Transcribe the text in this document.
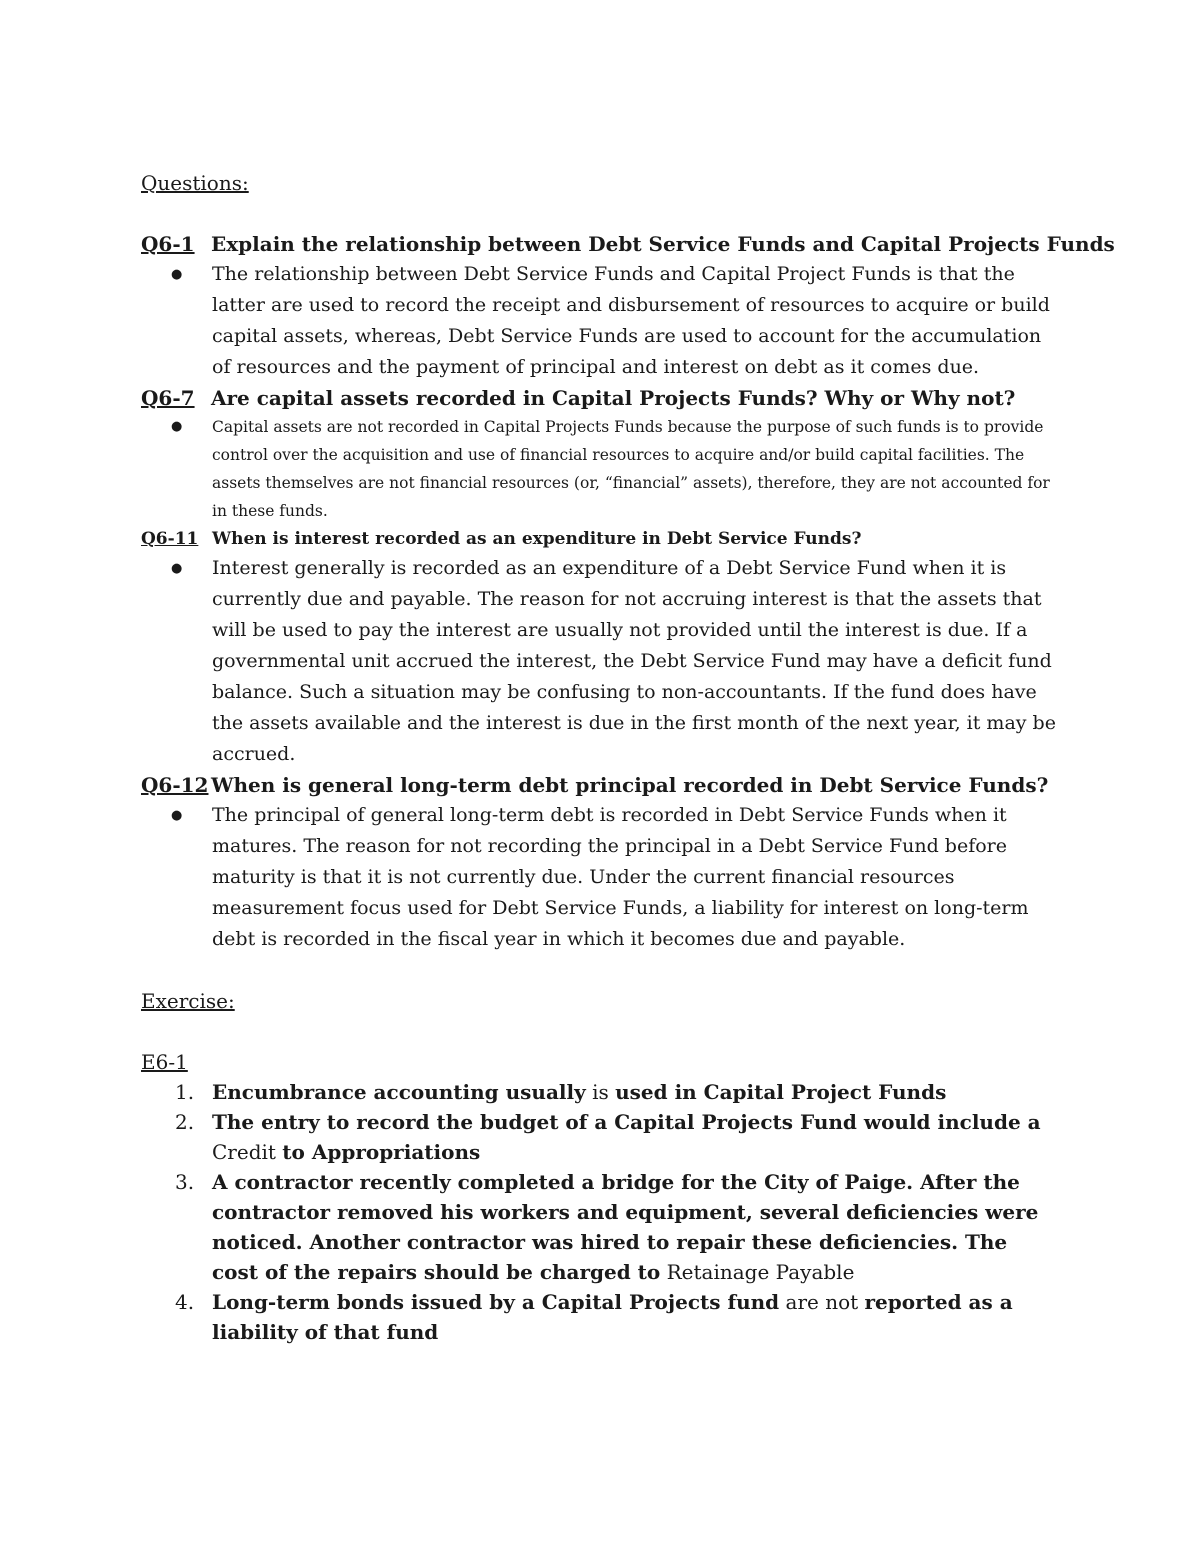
Questions:

Q6-1 Explain the relationship between Debt Service Funds and Capital Projects Funds

● The relationship between Debt Service Funds and Capital Project Funds is that the latter are used to record the receipt and disbursement of resources to acquire or build capital assets, whereas, Debt Service Funds are used to account for the accumulation of resources and the payment of principal and interest on debt as it comes due.

Q6-7 Are capital assets recorded in Capital Projects Funds? Why or Why not?

● Capital assets are not recorded in Capital Projects Funds because the purpose of such funds is to provide control over the acquisition and use of financial resources to acquire and/or build capital facilities. The assets themselves are not financial resources (or, “financial” assets), therefore, they are not accounted for in these funds.

Q6-11 When is interest recorded as an expenditure in Debt Service Funds?

● Interest generally is recorded as an expenditure of a Debt Service Fund when it is currently due and payable. The reason for not accruing interest is that the assets that will be used to pay the interest are usually not provided until the interest is due. If a governmental unit accrued the interest, the Debt Service Fund may have a deficit fund balance. Such a situation may be confusing to non-accountants. If the fund does have the assets available and the interest is due in the first month of the next year, it may be accrued.

Q6-12 When is general long-term debt principal recorded in Debt Service Funds?

● The principal of general long-term debt is recorded in Debt Service Funds when it matures. The reason for not recording the principal in a Debt Service Fund before maturity is that it is not currently due. Under the current financial resources measurement focus used for Debt Service Funds, a liability for interest on long-term debt is recorded in the fiscal year in which it becomes due and payable.

Exercise:

E6-1

1. Encumbrance accounting usually is used in Capital Project Funds

2. The entry to record the budget of a Capital Projects Fund would include a Credit to Appropriations

3. A contractor recently completed a bridge for the City of Paige. After the contractor removed his workers and equipment, several deficiencies were noticed. Another contractor was hired to repair these deficiencies. The cost of the repairs should be charged to Retainage Payable

4. Long-term bonds issued by a Capital Projects fund are not reported as a liability of that fund
